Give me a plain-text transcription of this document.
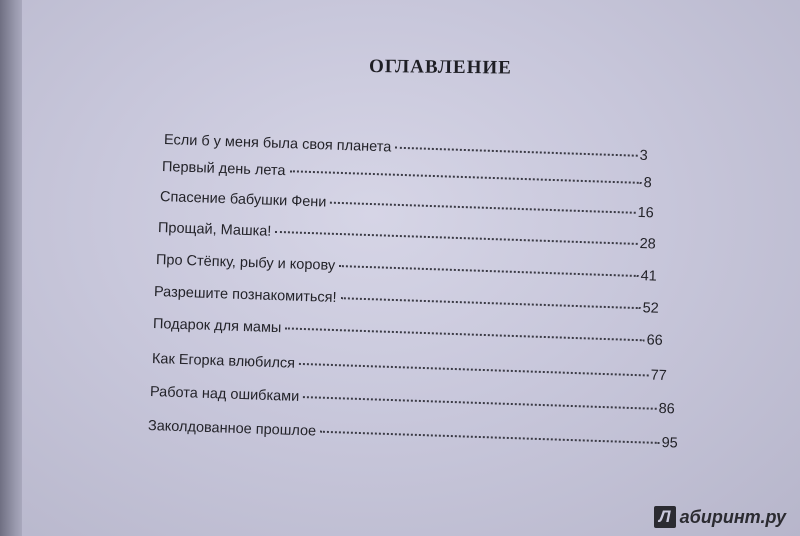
ОГЛАВЛЕНИЕ
Если б у меня была своя планета
3
Первый день лета
8
Спасение бабушки Фени
16
Прощай, Машка!
28
Про Стёпку, рыбу и корову
41
Разрешите познакомиться!
52
Подарок для мамы
66
Как Егорка влюбился
77
Работа над ошибками
86
Заколдованное прошлое
95
Л абиринт.ру
